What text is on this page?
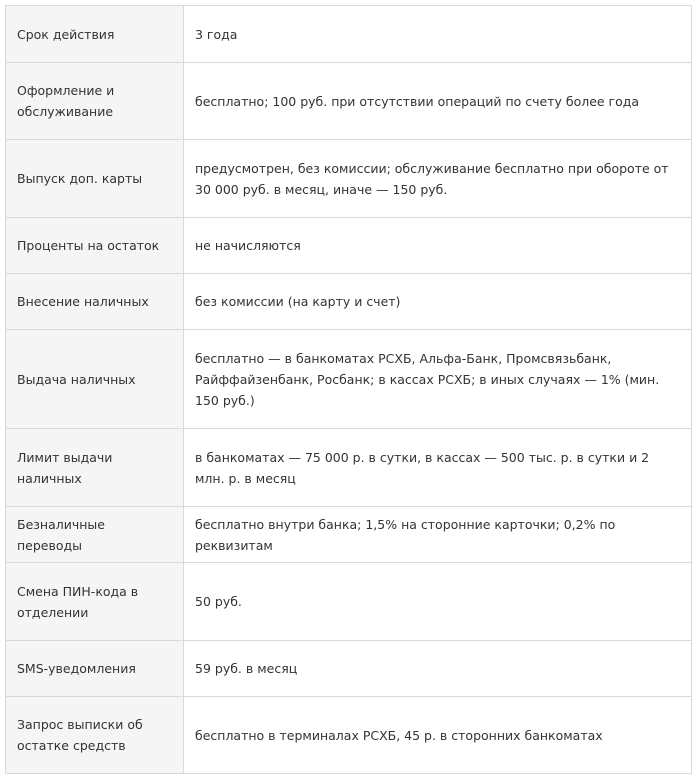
Срок действия	3 года
Оформление и обслуживание	бесплатно; 100 руб. при отсутствии операций по счету более года
Выпуск доп. карты	предусмотрен, без комиссии; обслуживание бесплатно при обороте от 30 000 руб. в месяц, иначе — 150 руб.
Проценты на остаток	не начисляются
Внесение наличных	без комиссии (на карту и счет)
Выдача наличных	бесплатно — в банкоматах РСХБ, Альфа-Банк, Промсвязьбанк, Райффайзенбанк, Росбанк; в кассах РСХБ; в иных случаях — 1% (мин. 150 руб.)
Лимит выдачи наличных	в банкоматах — 75 000 р. в сутки, в кассах — 500 тыс. р. в сутки и 2 млн. р. в месяц
Безналичные переводы	бесплатно внутри банка; 1,5% на сторонние карточки; 0,2% по реквизитам
Смена ПИН-кода в отделении	50 руб.
SMS-уведомления	59 руб. в месяц
Запрос выписки об остатке средств	бесплатно в терминалах РСХБ, 45 р. в сторонних банкоматах
